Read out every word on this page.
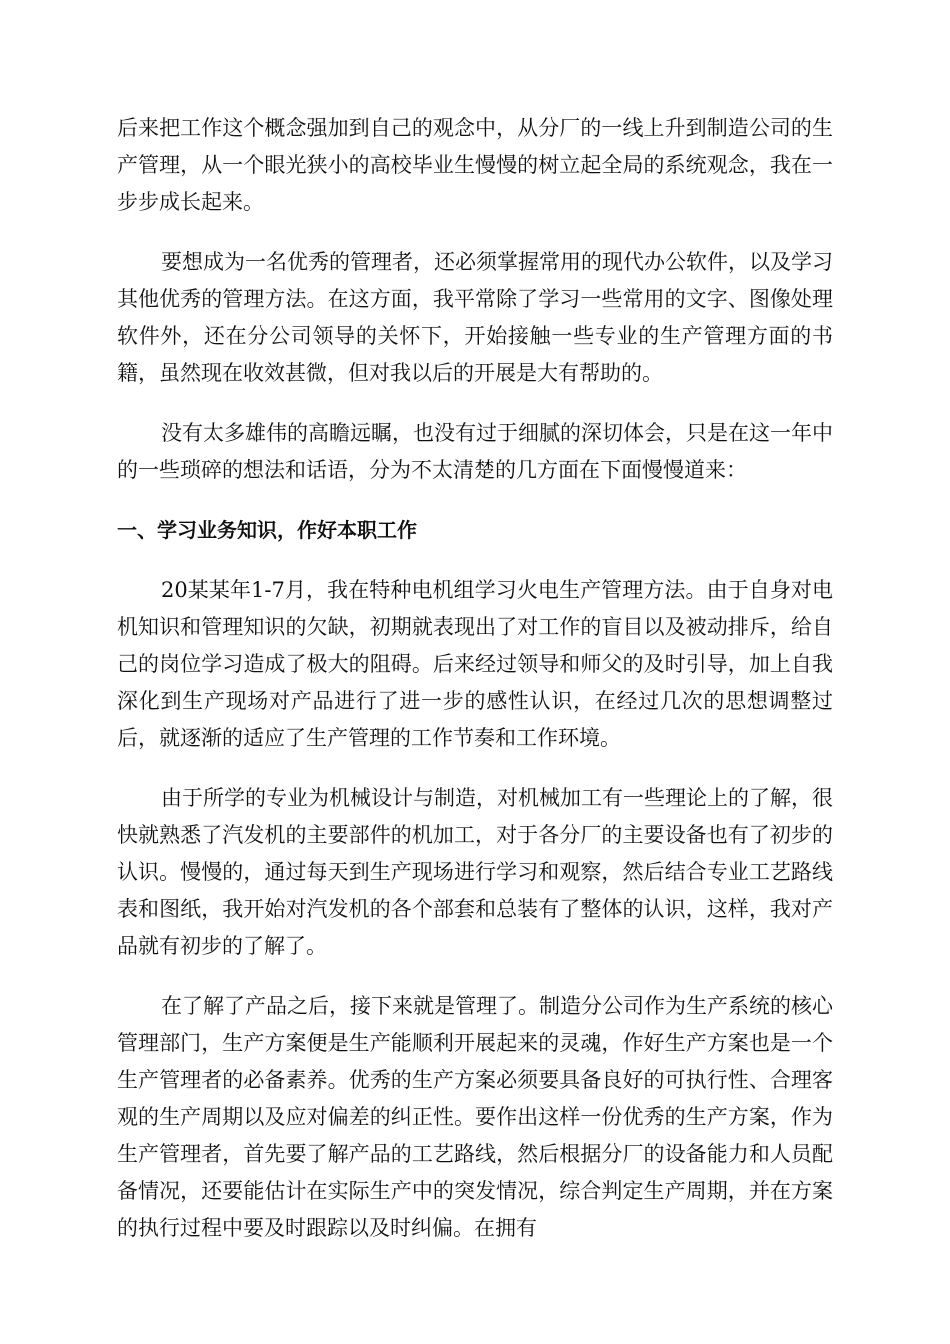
后来把工作这个概念强加到自己的观念中，从分厂的一线上升到制造公司的生产管理，从一个眼光狭小的高校毕业生慢慢的树立起全局的系统观念，我在一步步成长起来。

要想成为一名优秀的管理者，还必须掌握常用的现代办公软件，以及学习其他优秀的管理方法。在这方面，我平常除了学习一些常用的文字、图像处理软件外，还在分公司领导的关怀下，开始接触一些专业的生产管理方面的书籍，虽然现在收效甚微，但对我以后的开展是大有帮助的。

没有太多雄伟的高瞻远瞩，也没有过于细腻的深切体会，只是在这一年中的一些琐碎的想法和话语，分为不太清楚的几方面在下面慢慢道来：

一、学习业务知识，作好本职工作

20某某年1-7月，我在特种电机组学习火电生产管理方法。由于自身对电机知识和管理知识的欠缺，初期就表现出了对工作的盲目以及被动排斥，给自己的岗位学习造成了极大的阻碍。后来经过领导和师父的及时引导，加上自我深化到生产现场对产品进行了进一步的感性认识，在经过几次的思想调整过后，就逐渐的适应了生产管理的工作节奏和工作环境。

由于所学的专业为机械设计与制造，对机械加工有一些理论上的了解，很快就熟悉了汽发机的主要部件的机加工，对于各分厂的主要设备也有了初步的认识。慢慢的，通过每天到生产现场进行学习和观察，然后结合专业工艺路线表和图纸，我开始对汽发机的各个部套和总装有了整体的认识，这样，我对产品就有初步的了解了。

在了解了产品之后，接下来就是管理了。制造分公司作为生产系统的核心管理部门，生产方案便是生产能顺利开展起来的灵魂，作好生产方案也是一个生产管理者的必备素养。优秀的生产方案必须要具备良好的可执行性、合理客观的生产周期以及应对偏差的纠正性。要作出这样一份优秀的生产方案，作为生产管理者，首先要了解产品的工艺路线，然后根据分厂的设备能力和人员配备情况，还要能估计在实际生产中的突发情况，综合判定生产周期，并在方案的执行过程中要及时跟踪以及时纠偏。在拥有
